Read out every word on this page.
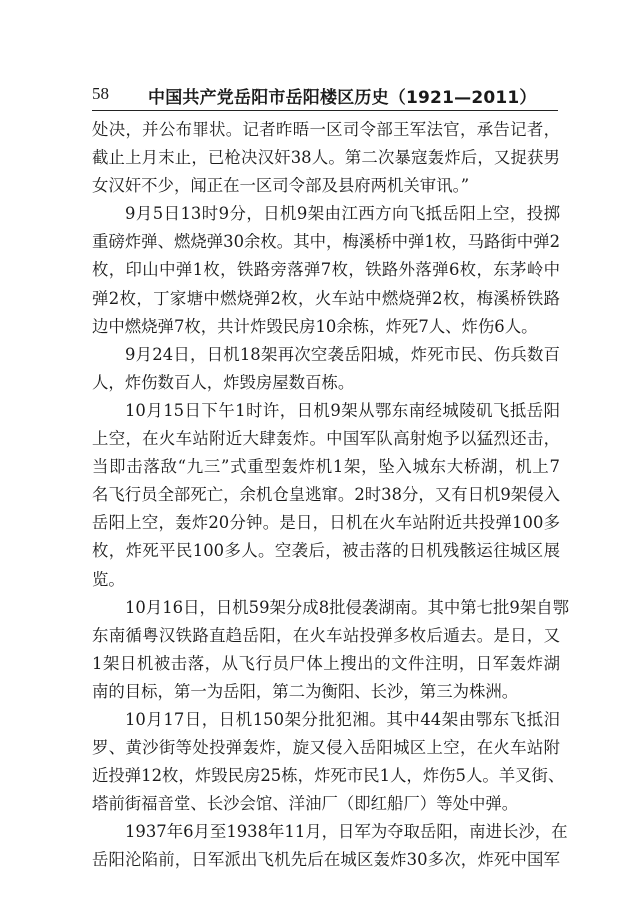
58 中国共产党岳阳市岳阳楼区历史（1921—2011）
处决，并公布罪状。记者昨晤一区司令部王军法官，承告记者，
截止上月末止，已枪决汉奸38人。第二次暴寇轰炸后，又捉获男
女汉奸不少，闻正在一区司令部及县府两机关审讯。”
9月5日13时9分，日机9架由江西方向飞抵岳阳上空，投掷
重磅炸弹、燃烧弹30余枚。其中，梅溪桥中弹1枚，马路街中弹2
枚，印山中弹1枚，铁路旁落弹7枚，铁路外落弹6枚，东茅岭中
弹2枚，丁家塘中燃烧弹2枚，火车站中燃烧弹2枚，梅溪桥铁路
边中燃烧弹7枚，共计炸毁民房10余栋，炸死7人、炸伤6人。
9月24日，日机18架再次空袭岳阳城，炸死市民、伤兵数百
人，炸伤数百人，炸毁房屋数百栋。
10月15日下午1时许，日机9架从鄂东南经城陵矶飞抵岳阳
上空，在火车站附近大肆轰炸。中国军队高射炮予以猛烈还击，
当即击落敌“九三”式重型轰炸机1架，坠入城东大桥湖，机上7
名飞行员全部死亡，余机仓皇逃窜。2时38分，又有日机9架侵入
岳阳上空，轰炸20分钟。是日，日机在火车站附近共投弹100多
枚，炸死平民100多人。空袭后，被击落的日机残骸运往城区展
览。
10月16日，日机59架分成8批侵袭湖南。其中第七批9架自鄂
东南循粤汉铁路直趋岳阳，在火车站投弹多枚后遁去。是日，又
1架日机被击落，从飞行员尸体上搜出的文件注明，日军轰炸湖
南的目标，第一为岳阳，第二为衡阳、长沙，第三为株洲。
10月17日，日机150架分批犯湘。其中44架由鄂东飞抵汨
罗、黄沙街等处投弹轰炸，旋又侵入岳阳城区上空，在火车站附
近投弹12枚，炸毁民房25栋，炸死市民1人，炸伤5人。羊叉街、
塔前街福音堂、长沙会馆、洋油厂（即红船厂）等处中弹。
1937年6月至1938年11月，日军为夺取岳阳，南进长沙，在
岳阳沦陷前，日军派出飞机先后在城区轰炸30多次，炸死中国军
